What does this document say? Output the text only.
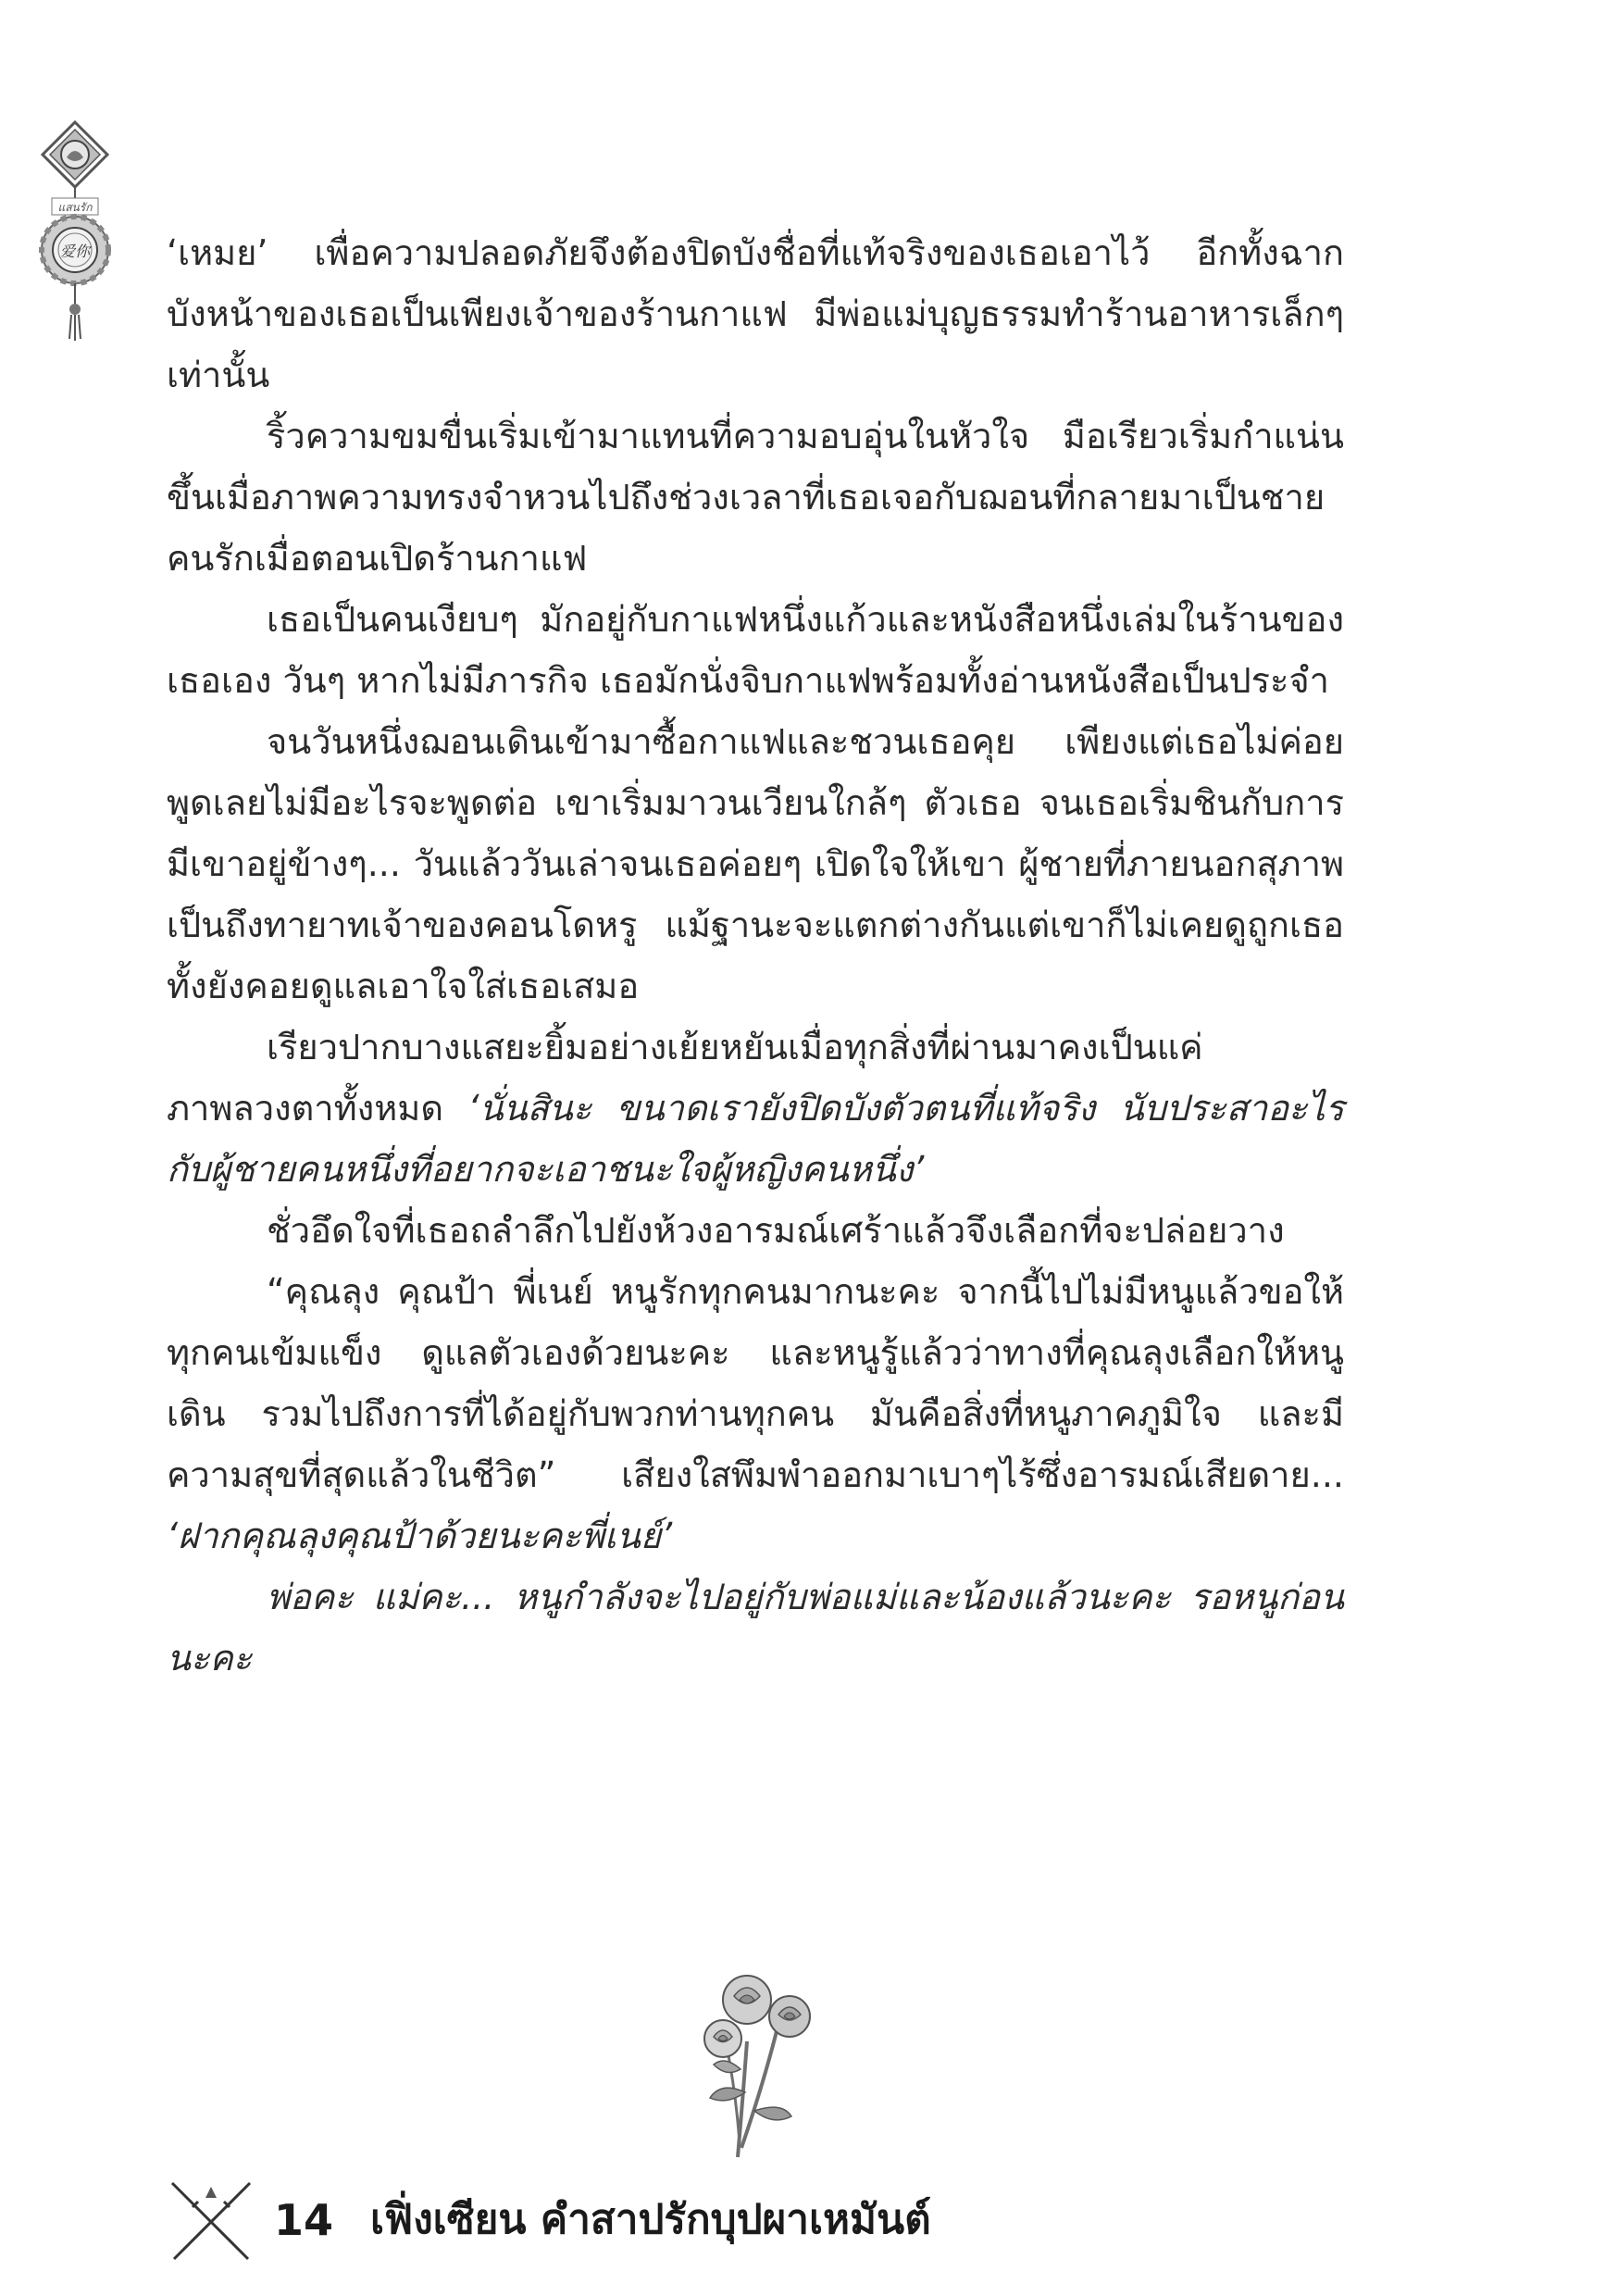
แสนรัก
爱你 ‘เหมย’ เพื่อความปลอดภัยจึงต้องปิดบังชื่อที่แท้จริงของเธอเอาไว้ อีกทั้งฉากบังหน้าของเธอเป็นเพียงเจ้าของร้านกาแฟ มีพ่อแม่บุญธรรมทำร้านอาหารเล็กๆ เท่านั้น

ริ้วความขมขื่นเริ่มเข้ามาแทนที่ความอบอุ่นในหัวใจ มือเรียวเริ่มกำแน่นขึ้นเมื่อภาพความทรงจำหวนไปถึงช่วงเวลาที่เธอเจอกับฌอนที่กลายมาเป็นชายคนรักเมื่อตอนเปิดร้านกาแฟ

เธอเป็นคนเงียบๆ มักอยู่กับกาแฟหนึ่งแก้วและหนังสือหนึ่งเล่มในร้านของเธอเอง วันๆ หากไม่มีภารกิจ เธอมักนั่งจิบกาแฟพร้อมทั้งอ่านหนังสือเป็นประจำ

จนวันหนึ่งฌอนเดินเข้ามาซื้อกาแฟและชวนเธอคุย เพียงแต่เธอไม่ค่อยพูดเลยไม่มีอะไรจะพูดต่อ เขาเริ่มมาวนเวียนใกล้ๆ ตัวเธอ จนเธอเริ่มชินกับการมีเขาอยู่ข้างๆ... วันแล้ววันเล่าจนเธอค่อยๆ เปิดใจให้เขา ผู้ชายที่ภายนอกสุภาพ เป็นถึงทายาทเจ้าของคอนโดหรู แม้ฐานะจะแตกต่างกันแต่เขาก็ไม่เคยดูถูกเธอ ทั้งยังคอยดูแลเอาใจใส่เธอเสมอ

เรียวปากบางแสยะยิ้มอย่างเย้ยหยันเมื่อทุกสิ่งที่ผ่านมาคงเป็นแค่ภาพลวงตาทั้งหมด ‘นั่นสินะ ขนาดเรายังปิดบังตัวตนที่แท้จริง นับประสาอะไรกับผู้ชายคนหนึ่งที่อยากจะเอาชนะใจผู้หญิงคนหนึ่ง’

ชั่วอึดใจที่เธอถลำลึกไปยังห้วงอารมณ์เศร้าแล้วจึงเลือกที่จะปล่อยวาง

“คุณลุง คุณป้า พี่เนย์ หนูรักทุกคนมากนะคะ จากนี้ไปไม่มีหนูแล้วขอให้ทุกคนเข้มแข็ง ดูแลตัวเองด้วยนะคะ และหนูรู้แล้วว่าทางที่คุณลุงเลือกให้หนูเดิน รวมไปถึงการที่ได้อยู่กับพวกท่านทุกคน มันคือสิ่งที่หนูภาคภูมิใจ และมีความสุขที่สุดแล้วในชีวิต” เสียงใสพึมพำออกมาเบาๆไร้ซึ่งอารมณ์เสียดาย... ‘ฝากคุณลุงคุณป้าด้วยนะคะพี่เนย์’

พ่อคะ แม่คะ... หนูกำลังจะไปอยู่กับพ่อแม่และน้องแล้วนะคะ รอหนูก่อนนะคะ

14 เฟิ่งเซียน คำสาปรักบุปผาเหมันต์
